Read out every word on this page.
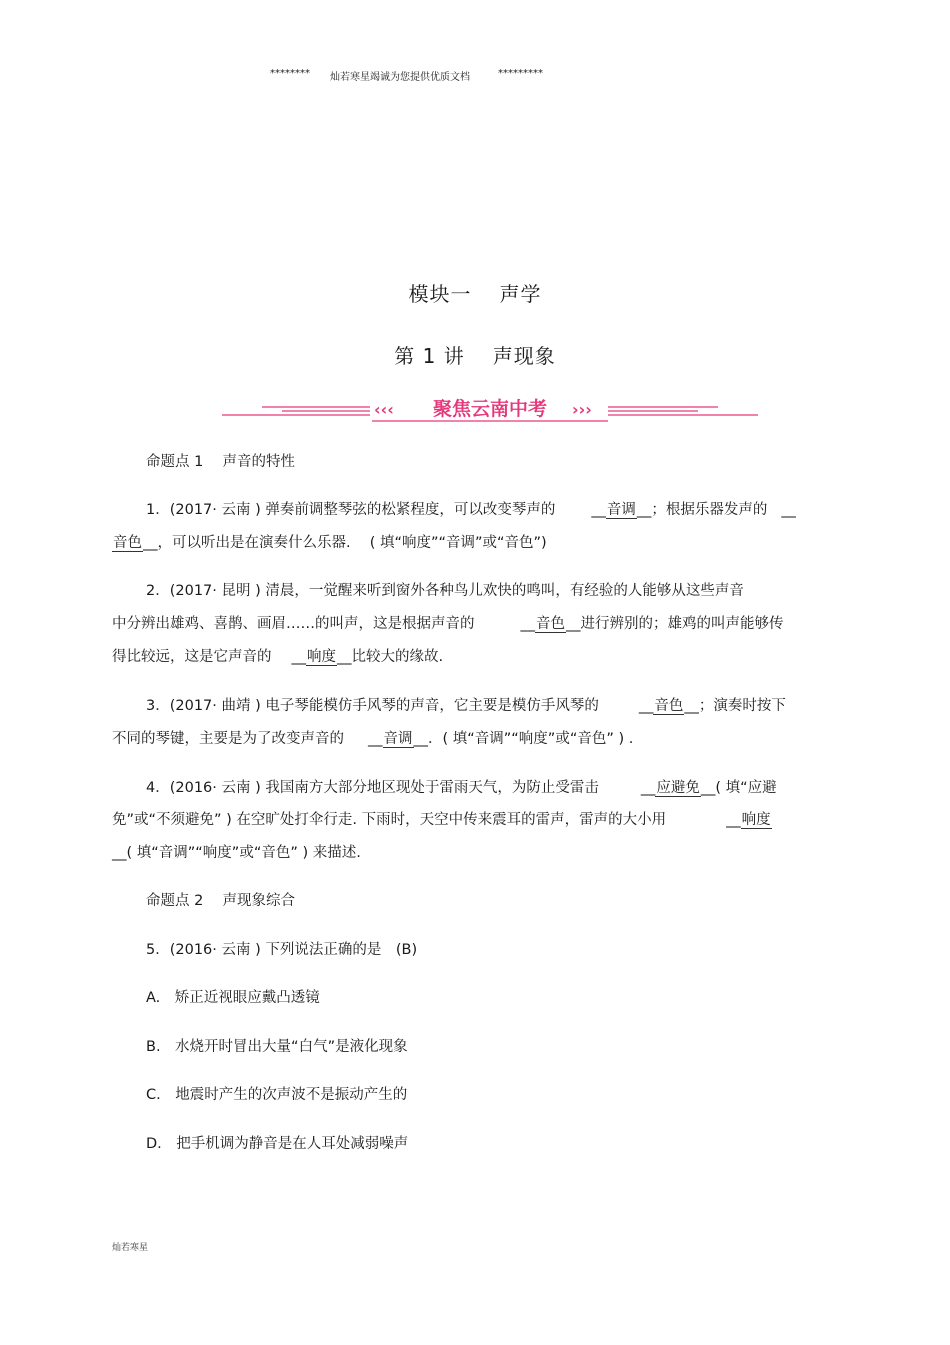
******** 灿若寒星竭诚为您提供优质文档	*********
模块一 声学
第 1 讲 声现象
‹‹‹ 聚焦云南中考 ›››
命题点 1　 声音的特性
1．(2017· 云南 ) 弹奏前调整琴弦的松紧程度，可以改变琴声的 __音调__；根据乐器发声的 __
音色__，可以听出是在演奏什么乐器.　 ( 填“响度”“音调”或“音色”)
2．(2017· 昆明 ) 清晨，一觉醒来听到窗外各种鸟儿欢快的鸣叫，有经验的人能够从这些声音
中分辨出雄鸡、喜鹊、画眉……的叫声，这是根据声音的	__音色__进行辨别的；雄鸡的叫声能够传
得比较远，这是它声音的 __响度__比较大的缘故.
3．(2017· 曲靖 ) 电子琴能模仿手风琴的声音，它主要是模仿手风琴的	__音色__；演奏时按下
不同的琴键，主要是为了改变声音的 __音调__．( 填“音调”“响度”或“音色” ) .
4．(2016· 云南 ) 我国南方大部分地区现处于雷雨天气，为防止受雷击	__应避免__( 填“应避
免”或“不须避免” ) 在空旷处打伞行走. 下雨时，天空中传来震耳的雷声，雷声的大小用	__响度
__( 填“音调”“响度”或“音色” ) 来描述.
命题点 2　 声现象综合
5．(2016· 云南 ) 下列说法正确的是　(B)
A.　矫正近视眼应戴凸透镜
B.　水烧开时冒出大量“白气”是液化现象
C.　地震时产生的次声波不是振动产生的
D.　把手机调为静音是在人耳处减弱噪声
灿若寒星
